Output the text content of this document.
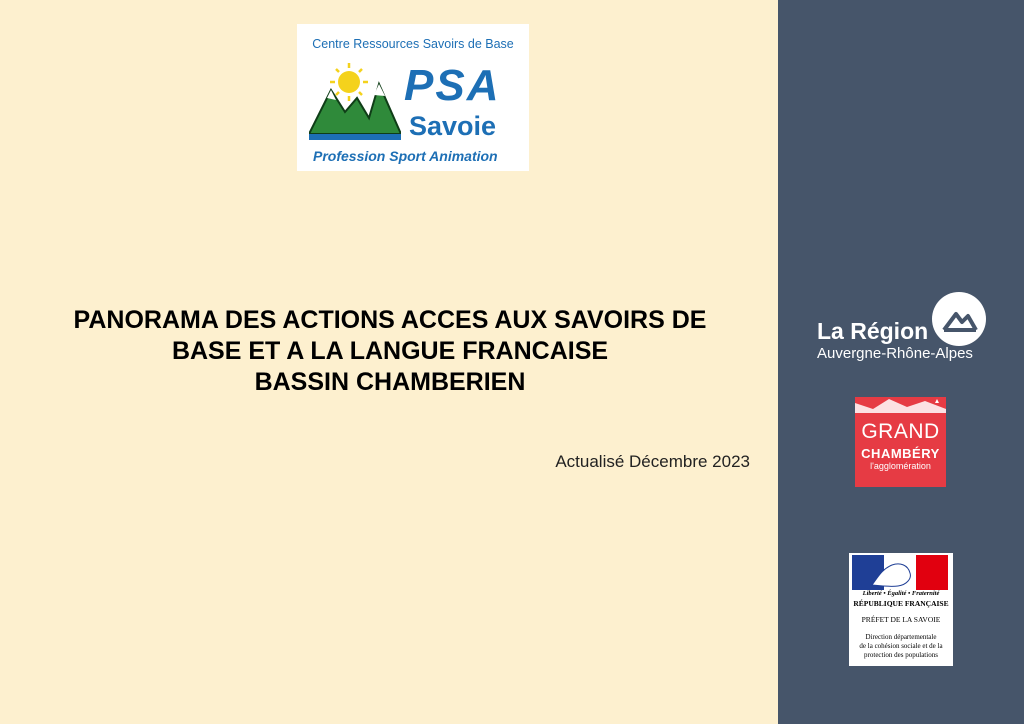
Centre Ressources Savoirs de Base
PSA
Savoie
Profession Sport Animation
PANORAMA DES ACTIONS ACCES AUX SAVOIRS DE
BASE ET A LA LANGUE FRANCAISE
BASSIN CHAMBERIEN
Actualisé Décembre 2023
La Région
Auvergne-Rhône-Alpes
GRAND
CHAMBÉRY
l'agglomération
Liberté • Égalité • Fraternité
RÉPUBLIQUE FRANÇAISE
PRÉFET DE LA SAVOIE
Direction départementale
de la cohésion sociale et de la
protection des populations
